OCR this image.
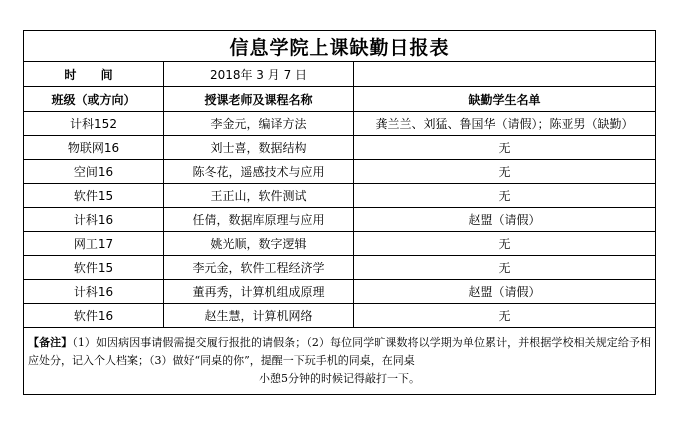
信息学院上课缺勤日报表		
时 间	2018年 3 月 7 日	
班级（或方向）	授课老师及课程名称	缺勤学生名单
计科152	李金元，编译方法	龚兰兰、刘猛、鲁国华（请假）；陈亚男（缺勤）
物联网16	刘士喜，数据结构	无
空间16	陈冬花，遥感技术与应用	无
软件15	王正山，软件测试	无
计科16	任倩，数据库原理与应用	赵盟（请假）
网工17	姚光顺，数字逻辑	无
软件15	李元金，软件工程经济学	无
计科16	董再秀，计算机组成原理	赵盟（请假）
软件16	赵生慧，计算机网络	无
【备注】（1）如因病因事请假需提交履行报批的请假条；（2）每位同学旷课数将以学期为单位累计，并根据学校相关规定给予相应处分，记入个人档案；（3）做好“同桌的你”，提醒一下玩手机的同桌，在同桌
小憩5分钟的时候记得敲打一下。		
